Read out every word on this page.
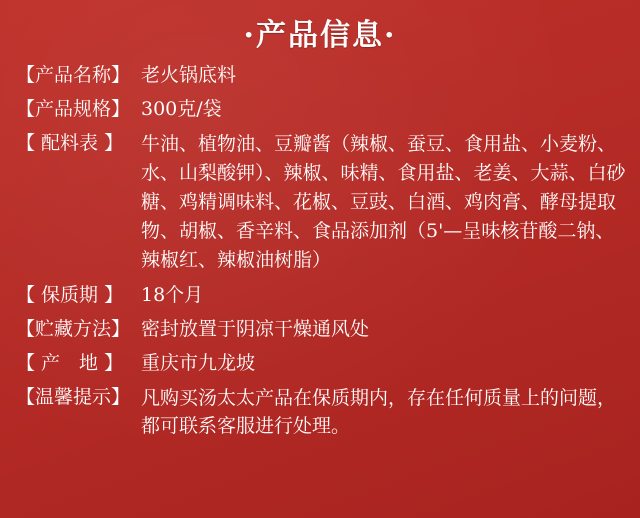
·产品信息·
【产品名称】 老火锅底料
【产品规格】 300克/袋
【 配料表 】 牛油、植物油、豆瓣酱（辣椒、蚕豆、食用盐、小麦粉、水、山梨酸钾）、辣椒、味精、食用盐、老姜、大蒜、白砂糖、鸡精调味料、花椒、豆豉、白酒、鸡肉膏、酵母提取物、胡椒、香辛料、食品添加剂（5'—呈味核苷酸二钠、辣椒红、辣椒油树脂）
【 保质期 】 18个月
【贮藏方法】 密封放置于阴凉干燥通风处
【 产　地 】 重庆市九龙坡
【温馨提示】 凡购买汤太太产品在保质期内，存在任何质量上的问题，都可联系客服进行处理。
